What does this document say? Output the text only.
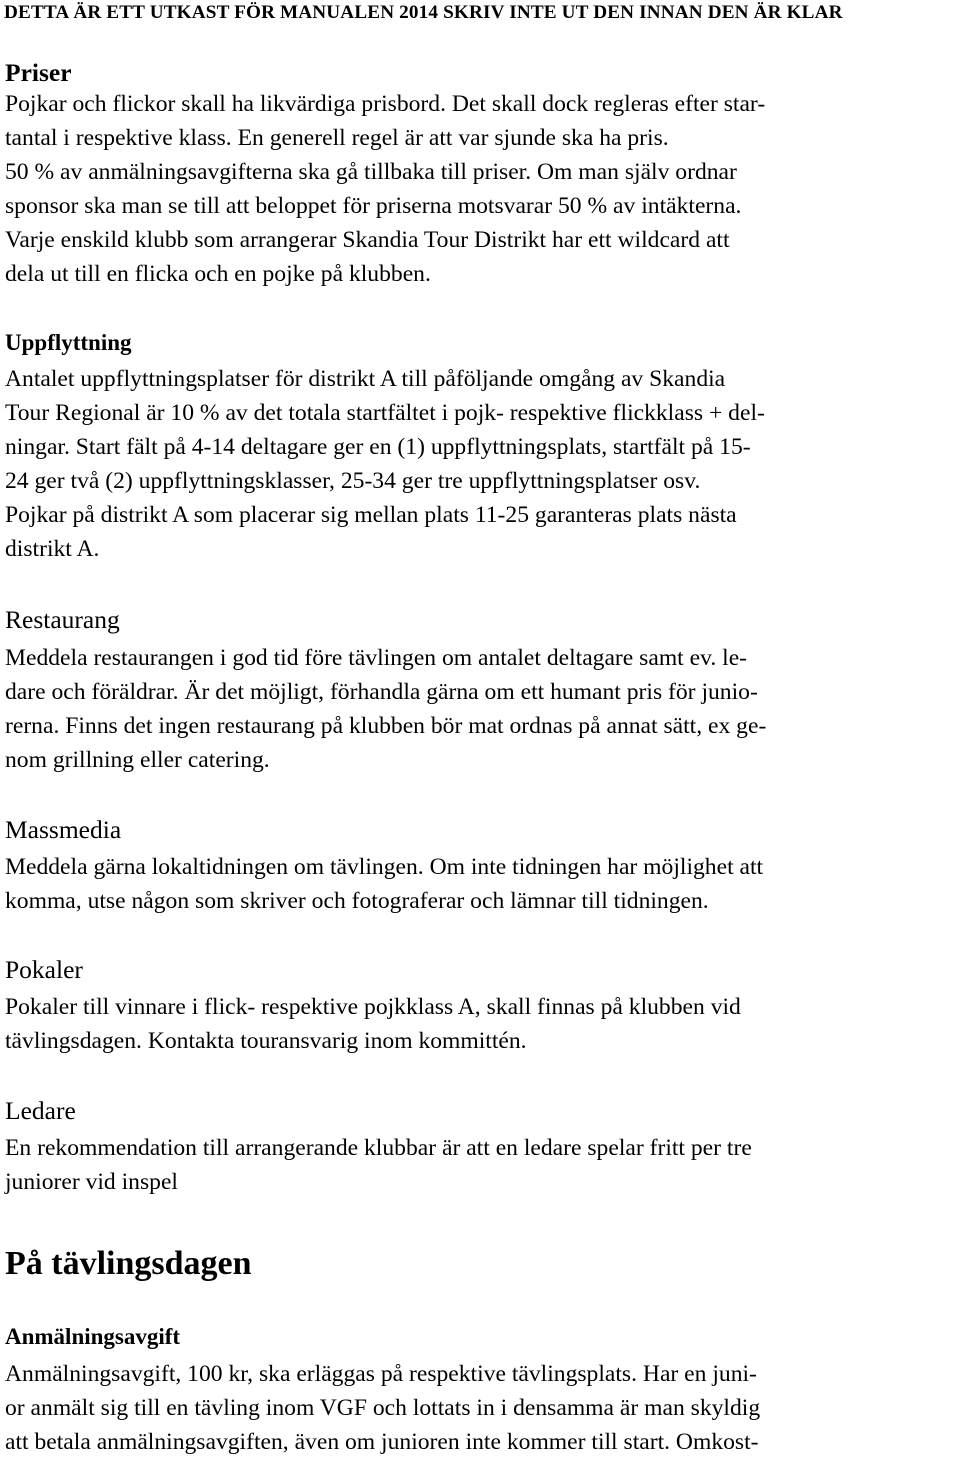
DETTA ÄR ETT UTKAST FÖR MANUALEN 2014 SKRIV INTE UT DEN INNAN DEN ÄR KLAR
Priser
Pojkar och flickor skall ha likvärdiga prisbord. Det skall dock regleras efter star-
tantal i respektive klass. En generell regel är att var sjunde ska ha pris.
50 % av anmälningsavgifterna ska gå tillbaka till priser. Om man själv ordnar
sponsor ska man se till att beloppet för priserna motsvarar 50 % av intäkterna.
Varje enskild klubb som arrangerar Skandia Tour Distrikt har ett wildcard att
dela ut till en flicka och en pojke på klubben.
Uppflyttning
Antalet uppflyttningsplatser för distrikt A till påföljande omgång av Skandia
Tour Regional är 10 % av det totala startfältet i pojk- respektive flickklass + del-
ningar. Start fält på 4-14 deltagare ger en (1) uppflyttningsplats, startfält på 15-
24 ger två (2) uppflyttningsklasser, 25-34 ger tre uppflyttningsplatser osv.
Pojkar på distrikt A som placerar sig mellan plats 11-25 garanteras plats nästa
distrikt A.
Restaurang
Meddela restaurangen i god tid före tävlingen om antalet deltagare samt ev. le-
dare och föräldrar. Är det möjligt, förhandla gärna om ett humant pris för junio-
rerna. Finns det ingen restaurang på klubben bör mat ordnas på annat sätt, ex ge-
nom grillning eller catering.
Massmedia
Meddela gärna lokaltidningen om tävlingen. Om inte tidningen har möjlighet att
komma, utse någon som skriver och fotograferar och lämnar till tidningen.
Pokaler
Pokaler till vinnare i flick- respektive pojkklass A, skall finnas på klubben vid
tävlingsdagen. Kontakta touransvarig inom kommittén.
Ledare
En rekommendation till arrangerande klubbar är att en ledare spelar fritt per tre
juniorer vid inspel
På tävlingsdagen
Anmälningsavgift
Anmälningsavgift, 100 kr, ska erläggas på respektive tävlingsplats. Har en juni-
or anmält sig till en tävling inom VGF och lottats in i densamma är man skyldig
att betala anmälningsavgiften, även om junioren inte kommer till start. Omkost-
